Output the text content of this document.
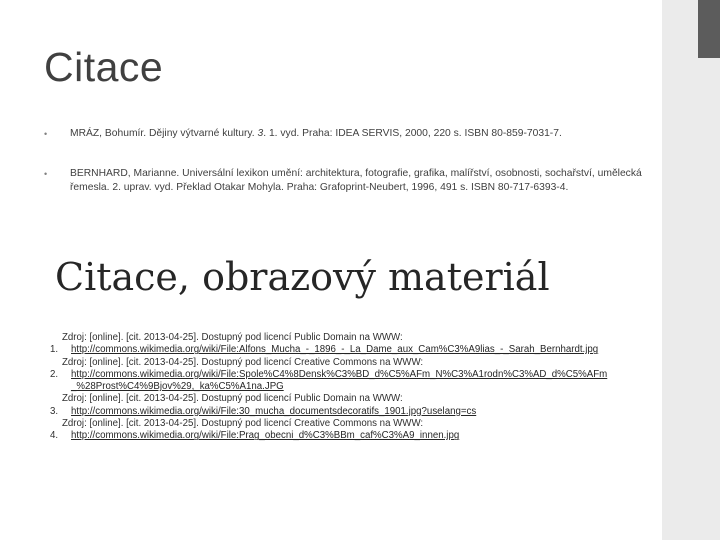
Citace
•	MRÁZ, Bohumír. Dějiny výtvarné kultury. 3. 1. vyd. Praha: IDEA SERVIS, 2000, 220 s. ISBN 80-859-7031-7.
•	BERNHARD, Marianne. Universální lexikon umění: architektura, fotografie, grafika, malířství, osobnosti, sochařství, umělecká řemesla. 2. uprav. vyd. Překlad Otakar Mohyla. Praha: Grafoprint-Neubert, 1996, 491 s. ISBN 80-717-6393-4.
Citace, obrazový materiál
Zdroj: [online]. [cit. 2013-04-25]. Dostupný pod licencí Public Domain na WWW:
1.	http://commons.wikimedia.org/wiki/File:Alfons_Mucha_-_1896_-_La_Dame_aux_Cam%C3%A9lias_-_Sarah_Bernhardt.jpg
Zdroj: [online]. [cit. 2013-04-25]. Dostupný pod licencí Creative Commons na WWW:
2.	http://commons.wikimedia.org/wiki/File:Spole%C4%8Densk%C3%BD_d%C5%AFm_N%C3%A1rodn%C3%AD_d%C5%AFm_%28Prost%C4%9Bjov%29,_ka%C5%A1na.JPG
Zdroj: [online]. [cit. 2013-04-25]. Dostupný pod licencí Public Domain na WWW:
3.	http://commons.wikimedia.org/wiki/File:30_mucha_documentsdecoratifs_1901.jpg?uselang=cs
Zdroj: [online]. [cit. 2013-04-25]. Dostupný pod licencí Creative Commons na WWW:
4.	http://commons.wikimedia.org/wiki/File:Prag_obecni_d%C3%BBm_caf%C3%A9_innen.jpg
